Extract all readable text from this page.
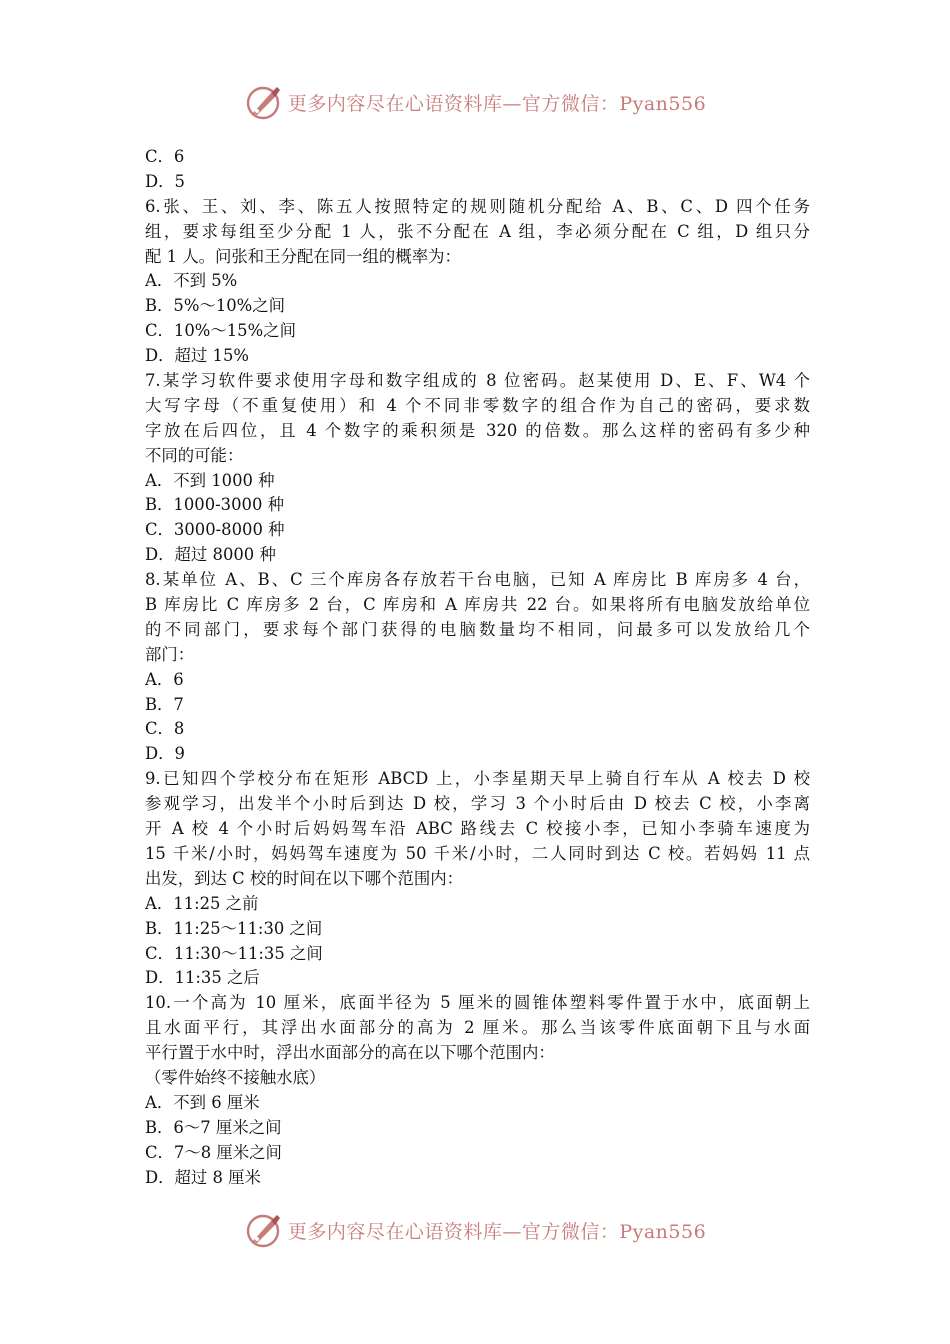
更多内容尽在心语资料库—官方微信：Pyan556
C．6
D．5
6.张、王、刘、李、陈五人按照特定的规则随机分配给 A、B、C、D 四个任务
组，要求每组至少分配 1 人，张不分配在 A 组，李必须分配在 C 组，D 组只分
配 1 人。问张和王分配在同一组的概率为：
A．不到 5%
B．5%～10%之间
C．10%～15%之间
D．超过 15%
7.某学习软件要求使用字母和数字组成的 8 位密码。赵某使用 D、E、F、W4 个
大写字母（不重复使用）和 4 个不同非零数字的组合作为自己的密码，要求数
字放在后四位，且 4 个数字的乘积须是 320 的倍数。那么这样的密码有多少种
不同的可能：
A．不到 1000 种
B．1000-3000 种
C．3000-8000 种
D．超过 8000 种
8.某单位 A、B、C 三个库房各存放若干台电脑，已知 A 库房比 B 库房多 4 台，
B 库房比 C 库房多 2 台，C 库房和 A 库房共 22 台。如果将所有电脑发放给单位
的不同部门，要求每个部门获得的电脑数量均不相同，问最多可以发放给几个
部门：
A．6
B．7
C．8
D．9
9.已知四个学校分布在矩形 ABCD 上，小李星期天早上骑自行车从 A 校去 D 校
参观学习，出发半个小时后到达 D 校，学习 3 个小时后由 D 校去 C 校，小李离
开 A 校 4 个小时后妈妈驾车沿 ABC 路线去 C 校接小李，已知小李骑车速度为
15 千米/小时，妈妈驾车速度为 50 千米/小时，二人同时到达 C 校。若妈妈 11 点
出发，到达 C 校的时间在以下哪个范围内：
A．11:25 之前
B．11:25～11:30 之间
C．11:30～11:35 之间
D．11:35 之后
10.一个高为 10 厘米，底面半径为 5 厘米的圆锥体塑料零件置于水中，底面朝上
且水面平行，其浮出水面部分的高为 2 厘米。那么当该零件底面朝下且与水面
平行置于水中时，浮出水面部分的高在以下哪个范围内：
（零件始终不接触水底）
A．不到 6 厘米
B．6～7 厘米之间
C．7～8 厘米之间
D．超过 8 厘米
更多内容尽在心语资料库—官方微信：Pyan556
